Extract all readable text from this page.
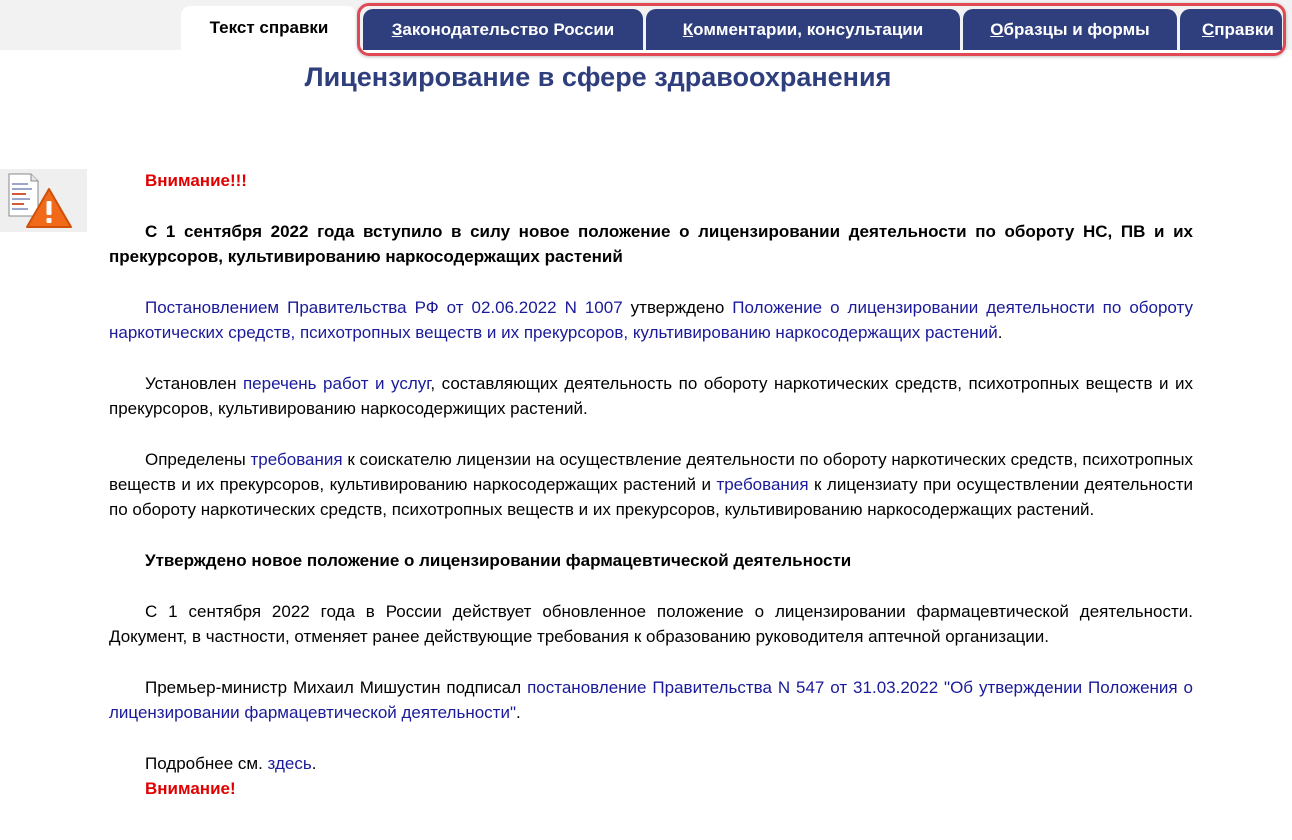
Текст справки	З аконодательство России	К омментарии, консультации	О бразцы и формы	С правки
Лицензирование в сфере здравоохранения

Внимание!!!

С 1 сентября 2022 года вступило в силу новое положение о лицензировании деятельности по обороту НС, ПВ и их прекурсоров, культивированию наркосодержащих растений

Постановлением Правительства РФ от 02.06.2022 N 1007 утверждено Положение о лицензировании деятельности по обороту наркотических средств, психотропных веществ и их прекурсоров, культивированию наркосодержащих растений.

Установлен перечень работ и услуг, составляющих деятельность по обороту наркотических средств, психотропных веществ и их прекурсоров, культивированию наркосодержищих растений.

Определены требования к соискателю лицензии на осуществление деятельности по обороту наркотических средств, психотропных веществ и их прекурсоров, культивированию наркосодержащих растений и требования к лицензиату при осуществлении деятельности по обороту наркотических средств, психотропных веществ и их прекурсоров, культивированию наркосодержащих растений.

Утверждено новое положение о лицензировании фармацевтической деятельности

С 1 сентября 2022 года в России действует обновленное положение о лицензировании фармацевтической деятельности. Документ, в частности, отменяет ранее действующие требования к образованию руководителя аптечной организации.

Премьер-министр Михаил Мишустин подписал постановление Правительства N 547 от 31.03.2022 "Об утверждении Положения о лицензировании фармацевтической деятельности".

Подробнее см. здесь.

Внимание!
